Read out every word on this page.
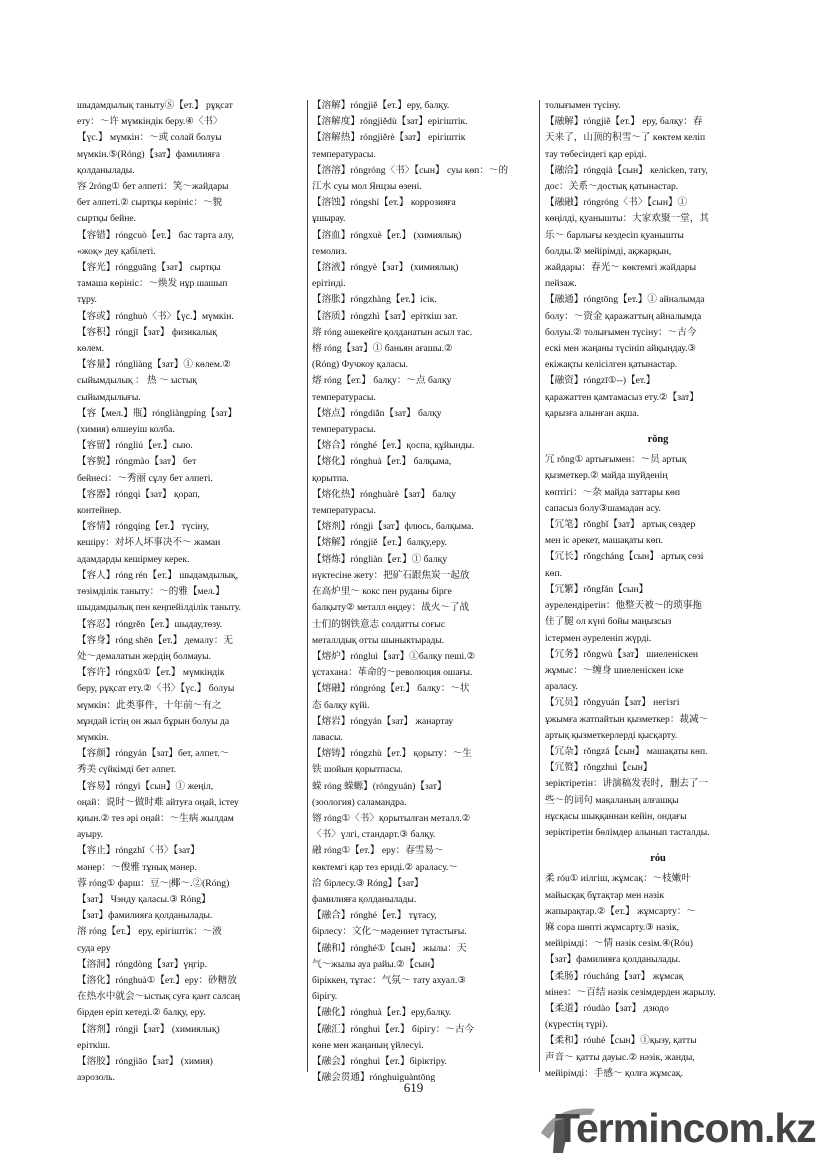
шыдамдылық танытуⓈ【ет.】 рұқсат
ету：～许 мүмкіндік беру.④〈书〉
【үс.】 мүмкін：～或 солай болуы
мүмкін.⑤(Róng)【зат】фамилияға
қолданылады.
容 2róng① бет әлпеті：笑～жайдары
бет әлпеті.② сыртқы көрініс：～貌
сыртқы бейне.
【容错】róngcuò【ет.】 бас тарта алу,
«жоқ» деу қабілеті.
【容光】róngguāng【зат】 сыртқы
тамаша көрініс：～焕发 нұр шашып
тұру.
【容或】rónghuò〈书〉【үс.】мүмкін.
【容积】róngjī【зат】 физикалық
көлем.
【容量】róngliàng【зат】① көлем.②
сыйымдылық ： 热 ～ ыстық
сыйымдылығы.
【容【мел.】瓶】róngliàngpíng【зат】
(химия) өлшеуіш колба.
【容留】róngliú【ет.】сыю.
【容貌】róngmào【зат】 бет
бейнесі：～秀丽 сұлу бет әлпеті.
【容器】róngqì【зат】 қорап,
контейнер.
【容情】róngqíng【ет.】 түсіну,
кешіру：对坏人坏事决不～ жаман
адамдарды кешірмеу керек.
【容人】róng rén【ет.】 шыдамдылық,
төзімділік таныту：～的雅【мел.】
шыдамдылық пен кеңпейілділік таныту.
【容忍】róngrěn【ет.】шыдау,төзу.
【容身】róng shēn【ет.】 демалу：无
处～демалатын жердің болмауы.
【容许】róngxǔ①【ет.】 мүмкіндік
беру, рұқсат ету.②〈书〉【үс.】 болуы
мүмкін：此类事件，十年前～有之
мұндай істің он жыл бұрын болуы да
мүмкін.
【容颜】róngyán【зат】бет, әлпет.～
秀美 сүйкімді бет әлпет.
【容易】róngyì【сын】① жеңіл,
оңай：说时～做时难 айтуға оңай, істеу
қиын.② тез әрі оңай：～生病 жылдам
ауыру.
【容止】róngzhǐ〈书〉【зат】
мәнер：～俊雅 тұнық мәнер.
蓉 róng① фарш：豆～|椰～.②(Róng)
【зат】 Чэнду қаласы.③ Róng】
【зат】фамилияға қолданылады.
溶 róng【ет.】 еру, ерігіштік：～液
судa еру
【溶洞】róngdòng【зат】үңгір.
【溶化】rónghuà①【ет.】еру：砂糖放
在热水中就会～ыстық суға қант салсаң
бірден еріп кетеді.② балқу, еру.
【溶剂】róngjì【зат】 (химиялық)
еріткіш.
【溶胶】róngjiāo【зат】 (химия)
аэрозоль.
【溶解】róngjiě【ет.】еру, балқу.
【溶解度】róngjiědù【зат】ерігіштік.
【溶解热】róngjiěrè【зат】 ерігіштік
температурасы.
【溶溶】róngróng〈书〉【сын】 суы көп：～的
江水 суы мол Янцзы өзені.
【溶蚀】róngshí【ет.】 коррозияға
ұшырау.
【溶血】róngxuè【ет.】 (химиялық)
гемолиз.
【溶液】róngyè【зат】 (химиялық)
ерітінді.
【溶胀】róngzhàng【ет.】ісік.
【溶质】róngzhì【зат】еріткіш зат.
瑢 róng әшекейге қолданатын асыл тас.
榕 róng【зат】① баньян ағашы.②
(Róng) Фучжоу қаласы.
熔 róng【ет.】 балқу：～点 балқу
температурасы.
【熔点】róngdiǎn【зат】 балқу
температурасы.
【熔合】rónghé【ет.】қоспа, құйынды.
【熔化】rónghuà【ет.】 балқыма,
қорытпа.
【熔化热】rónghuàrè【зат】 балқу
температурасы.
【熔剂】róngjì【зат】флюсь, балқыма.
【熔解】róngjiě【ет.】балқу,еру.
【熔炼】róngliàn【ет.】① балқу
нүктесіне жету：把矿石跟焦炭一起放
在高炉里～ кокс пен руданы бірге
балқыту② металл өңдеу：战火～了战
士们的钢铁意志 солдатты соғыс
металлдық отты шыныктырады.
【熔炉】róngluì【зат】①балқу пеші.②
ұстахана：革命的～революция ошағы.
【熔融】róngróng【ет.】 балқу：～状
态 балқу күйі.
【熔岩】róngyán【зат】 жанартау
лавасы.
【熔铸】róngzhù【ет.】 қорыту：～生
铁 шойын қорытпасы.
蝾 róng 蝾螈】(róngyuán)【зат】
(зоология) саламандра.
镕 róng①〈书〉қорытылған металл.②
〈书〉үлгі, стандарт.③ балқу.
融 róng①【ет.】 еру：春雪易～
көктемгі қар тез ериді.② араласу.～
洽 бірлесу.③ Róng】【зат】
фамилияға қолданылады.
【融合】rónghé【ет.】 тұтасу,
бірлесу：文化～мәдениет тұтастығы.
【融和】rónghé①【сын】 жылы：天
气～жылы ауа райы.②【сын】
біріккен, тұтас：气氛～ тату ахуал.③
бірігу.
【融化】rónghuà【ет.】еру,балқу.
【融汇】rónghuì【ет.】 бірігу：～古今
көне мен жаңаның үйлесуі.
【融会】rónghuì【ет.】біріктіру.
【融会贯通】rónghuìguàntōng
толығымен түсіну.
【融解】róngjiě【ет.】 еру, балқу：春
天来了，山顶的积雪～了 көктем келіп
тау төбесіндегі қар еріді.
【融洽】róngqià【сын】 келісken, тату,
дос：关系～достық қатынастар.
【融融】róngróng〈书〉【сын】①
көңілді, қуанышты：大家欢聚一堂，其
乐～ барлығы кездесіп қуанышты
болды.② мейірімді, ақжарқын,
жайдары：春光～ көктемгі жайдары
пейзаж.
【融通】róngtōng【ет.】① айналымда
болу：～资金 қаражаттың айналымда
болуы.② толығымен түсіну：～古今
ескі мен жаңаны түсініп айқындау.③
екіжақты келісілген қатынастар.
【融资】róngzī①--)【ет.】
қаражаттен қамтамасыз ету.②【зат】
қарызға алынған ақша.
rǒng
冗 rǒng① артығымен：～员 артық
қызметкер.② майда шуйденің
көптігі：～杂 майда заттары көп
сапасыз болу③шамадан асу.
【冗笔】rǒngbǐ【зат】 артық сөздер
мен іс әрекет, машақаты көп.
【冗长】rǒngcháng【сын】 артық сөзі
көп.
【冗繁】rǒngfán【сын】
әурелендіретін：他整天被～的琐事拖
住了腿 ол күні бойы маңызсыз
істермен әуреленіп жүрді.
【冗务】rǒngwù【зат】 шиеленіскен
жұмыс：～缠身 шиеленіскен іске
араласу.
【冗员】rǒngyuán【зат】 негізгі
ұжымға жатпайтын қызметкер：裁减～
артық қызметкерлерді қысқарту.
【冗杂】rǒngzá【сын】 машақаты көп.
【冗赘】rǒngzhuì【сын】
зеріктіретін：讲演稿发表时，删去了一
些～的词句 мақаланың алғашқы
нұсқасы шыққаннан кейін, ондағы
зеріктіретін бөлімдер алынып тасталды.
róu
柔 róu① иілгіш, жұмсақ：～枝嫩叶
майысқақ бұтақтар мен нәзік
жапырақтар.②【ет.】 жұмсарту：～
麻 сора шөпті жұмсарту.③ нәзік,
мейірімді：～情 нәзік сезім.④(Róu)
【зат】фамилияға қолданылады.
【柔肠】róucháng【зат】 жұмсақ
мінез：～百结 нәзік сезімдерден жарылу.
【柔道】róudào【зат】 дзюдо
(күрестің түрі).
【柔和】róuhé【сын】①қызу, қатты
声音～ қатты дауыс.② нәзік, жанды,
мейірімді：手感～ қолға жұмсақ.
619
Termincom.kz
